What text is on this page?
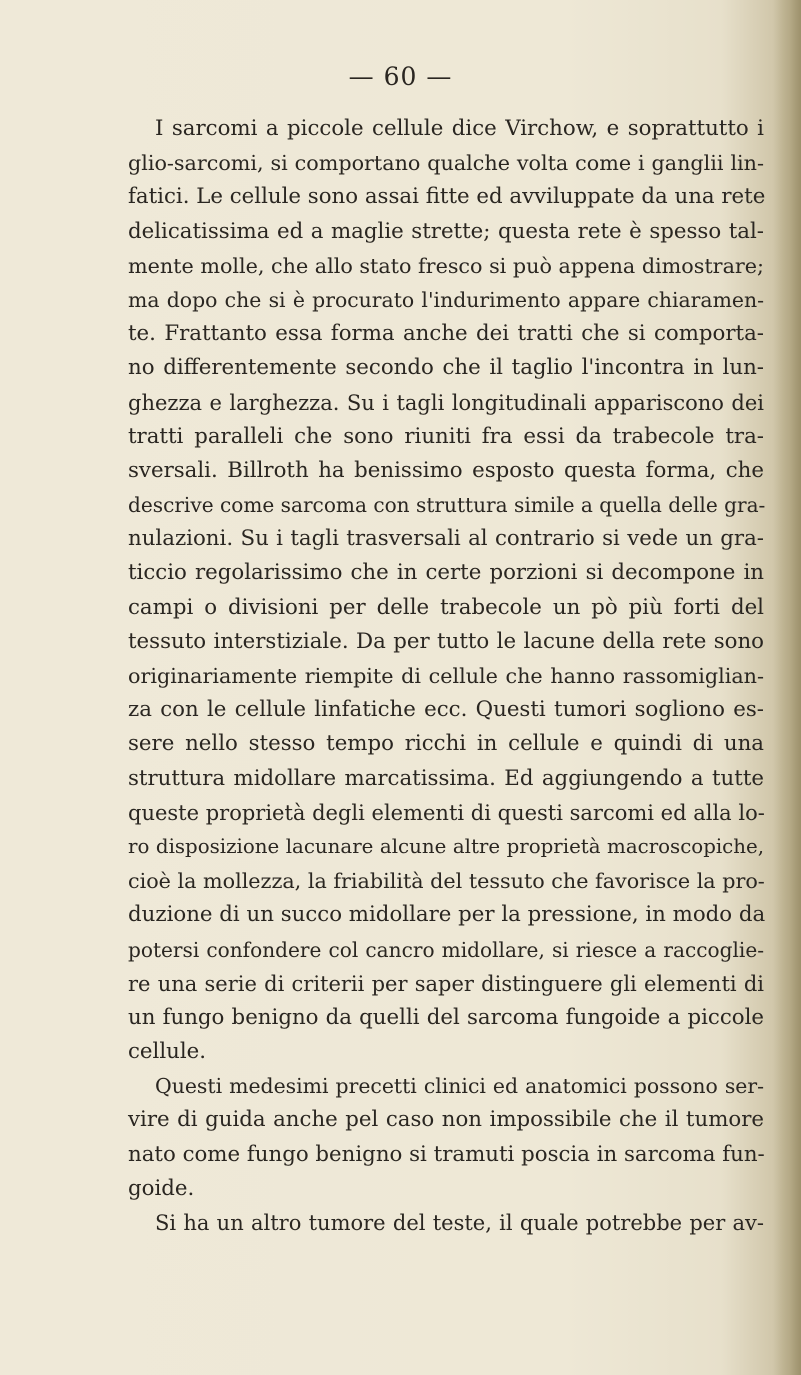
— 60 —
I sarcomi a piccole cellule dice Virchow, e soprattutto i
glio-sarcomi, si comportano qualche volta come i ganglii lin-
fatici. Le cellule sono assai fitte ed avviluppate da una rete
delicatissima ed a maglie strette; questa rete è spesso tal-
mente molle, che allo stato fresco si può appena dimostrare;
ma dopo che si è procurato l'indurimento appare chiaramen-
te. Frattanto essa forma anche dei tratti che si comporta-
no differentemente secondo che il taglio l'incontra in lun-
ghezza e larghezza. Su i tagli longitudinali appariscono dei
tratti paralleli che sono riuniti fra essi da trabecole tra-
sversali. Billroth ha benissimo esposto questa forma, che
descrive come sarcoma con struttura simile a quella delle gra-
nulazioni. Su i tagli trasversali al contrario si vede un gra-
ticcio regolarissimo che in certe porzioni si decompone in
campi o divisioni per delle trabecole un pò più forti del
tessuto interstiziale. Da per tutto le lacune della rete sono
originariamente riempite di cellule che hanno rassomiglian-
za con le cellule linfatiche ecc. Questi tumori sogliono es-
sere nello stesso tempo ricchi in cellule e quindi di una
struttura midollare marcatissima. Ed aggiungendo a tutte
queste proprietà degli elementi di questi sarcomi ed alla lo-
ro disposizione lacunare alcune altre proprietà macroscopiche,
cioè la mollezza, la friabilità del tessuto che favorisce la pro-
duzione di un succo midollare per la pressione, in modo da
potersi confondere col cancro midollare, si riesce a raccoglie-
re una serie di criterii per saper distinguere gli elementi di
un fungo benigno da quelli del sarcoma fungoide a piccole
cellule.
Questi medesimi precetti clinici ed anatomici possono ser-
vire di guida anche pel caso non impossibile che il tumore
nato come fungo benigno si tramuti poscia in sarcoma fun-
goide.
Si ha un altro tumore del teste, il quale potrebbe per av-
